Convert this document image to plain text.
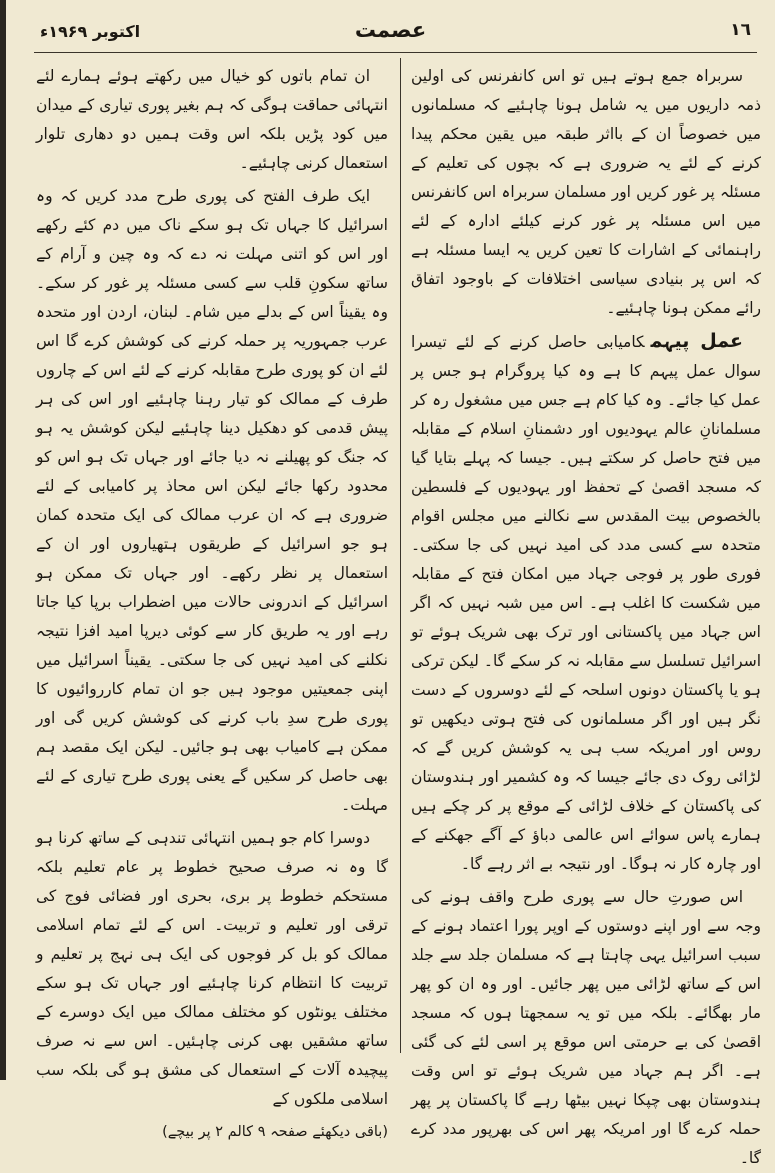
١٦
عصمت
اکتوبر ۱۹۶۹ء

سربراہ جمع ہوتے ہیں تو اس کانفرنس کی اولین ذمہ داریوں میں یہ شامل ہونا چاہئیے کہ مسلمانوں میں خصوصاً ان کے بااثر طبقہ میں یقین محکم پیدا کرنے کے لئے یہ ضروری ہے کہ بچوں کی تعلیم کے مسئلہ پر غور کریں اور مسلمان سربراہ اس کانفرنس میں اس مسئلہ پر غور کرنے کیلئے ادارہ کے لئے راہنمائی کے اشارات کا تعین کریں یہ ایسا مسئلہ ہے کہ اس پر بنیادی سیاسی اختلافات کے باوجود اتفاق رائے ممکن ہونا چاہئیے۔

عمل پیہمکامیابی حاصل کرنے کے لئے تیسرا سوال عمل پیہم کا ہے وہ کیا پروگرام ہو جس پر عمل کیا جائے۔ وہ کیا کام ہے جس میں مشغول رہ کر مسلمانانِ عالم یہودیوں اور دشمنانِ اسلام کے مقابلہ میں فتح حاصل کر سکتے ہیں۔ جیسا کہ پہلے بتایا گیا کہ مسجد اقصیٰ کے تحفظ اور یہودیوں کے فلسطین بالخصوص بیت المقدس سے نکالنے میں مجلس اقوام متحدہ سے کسی مدد کی امید نہیں کی جا سکتی۔ فوری طور پر فوجی جہاد میں امکان فتح کے مقابلہ میں شکست کا اغلب ہے۔ اس میں شبہ نہیں کہ اگر اس جہاد میں پاکستانی اور ترک بھی شریک ہوئے تو اسرائیل تسلسل سے مقابلہ نہ کر سکے گا۔ لیکن ترکی ہو یا پاکستان دونوں اسلحہ کے لئے دوسروں کے دست نگر ہیں اور اگر مسلمانوں کی فتح ہوتی دیکھیں تو روس اور امریکہ سب ہی یہ کوشش کریں گے کہ لڑائی روک دی جائے جیسا کہ وہ کشمیر اور ہندوستان کی پاکستان کے خلاف لڑائی کے موقع پر کر چکے ہیں ہمارے پاس سوائے اس عالمی دباؤ کے آگے جھکنے کے اور چارہ کار نہ ہوگا۔ اور نتیجہ بے اثر رہے گا۔

اس صورتِ حال سے پوری طرح واقف ہونے کی وجہ سے اور اپنے دوستوں کے اوپر پورا اعتماد ہونے کے سبب اسرائیل یہی چاہتا ہے کہ مسلمان جلد سے جلد اس کے ساتھ لڑائی میں پھر جائیں۔ اور وہ ان کو پھر مار بھگائے۔ بلکہ میں تو یہ سمجھتا ہوں کہ مسجد اقصیٰ کی بے حرمتی اس موقع پر اسی لئے کی گئی ہے۔ اگر ہم جہاد میں شریک ہوئے تو اس وقت ہندوستان بھی چپکا نہیں بیٹھا رہے گا پاکستان پر پھر حملہ کرے گا اور امریکہ پھر اس کی بھرپور مدد کرے گا۔

ان تمام باتوں کو خیال میں رکھتے ہوئے ہمارے لئے انتہائی حماقت ہوگی کہ ہم بغیر پوری تیاری کے میدان میں کود پڑیں بلکہ اس وقت ہمیں دو دھاری تلوار استعمال کرنی چاہئیے۔

ایک طرف الفتح کی پوری طرح مدد کریں کہ وہ اسرائیل کا جہاں تک ہو سکے ناک میں دم کئے رکھے اور اس کو اتنی مہلت نہ دے کہ وہ چین و آرام کے ساتھ سکونِ قلب سے کسی مسئلہ پر غور کر سکے۔ وہ یقیناً اس کے بدلے میں شام۔ لبنان، اردن اور متحدہ عرب جمہوریہ پر حملہ کرنے کی کوشش کرے گا اس لئے ان کو پوری طرح مقابلہ کرنے کے لئے اس کے چاروں طرف کے ممالک کو تیار رہنا چاہئیے اور اس کی ہر پیش قدمی کو دھکیل دینا چاہئیے لیکن کوشش یہ ہو کہ جنگ کو پھیلنے نہ دیا جائے اور جہاں تک ہو اس کو محدود رکھا جائے لیکن اس محاذ پر کامیابی کے لئے ضروری ہے کہ ان عرب ممالک کی ایک متحدہ کمان ہو جو اسرائیل کے طریقوں ہتھیاروں اور ان کے استعمال پر نظر رکھے۔ اور جہاں تک ممکن ہو اسرائیل کے اندرونی حالات میں اضطراب برپا کیا جاتا رہے اور یہ طریق کار سے کوئی دیرپا امید افزا نتیجہ نکلنے کی امید نہیں کی جا سکتی۔ یقیناً اسرائیل میں اپنی جمعیتیں موجود ہیں جو ان تمام کارروائیوں کا پوری طرح سدِ باب کرنے کی کوشش کریں گی اور ممکن ہے کامیاب بھی ہو جائیں۔ لیکن ایک مقصد ہم بھی حاصل کر سکیں گے یعنی پوری طرح تیاری کے لئے مہلت۔

دوسرا کام جو ہمیں انتہائی تندہی کے ساتھ کرنا ہو گا وہ نہ صرف صحیح خطوط پر عام تعلیم بلکہ مستحکم خطوط پر بری، بحری اور فضائی فوج کی ترقی اور تعلیم و تربیت۔ اس کے لئے تمام اسلامی ممالک کو بل کر فوجوں کی ایک ہی نہج پر تعلیم و تربیت کا انتظام کرنا چاہئیے اور جہاں تک ہو سکے مختلف یونٹوں کو مختلف ممالک میں ایک دوسرے کے ساتھ مشقیں بھی کرنی چاہئیں۔ اس سے نہ صرف پیچیدہ آلات کے استعمال کی مشق ہو گی بلکہ سب اسلامی ملکوں کے

(باقی دیکھئے صفحہ ۹ کالم ۲ پر بیچے)
